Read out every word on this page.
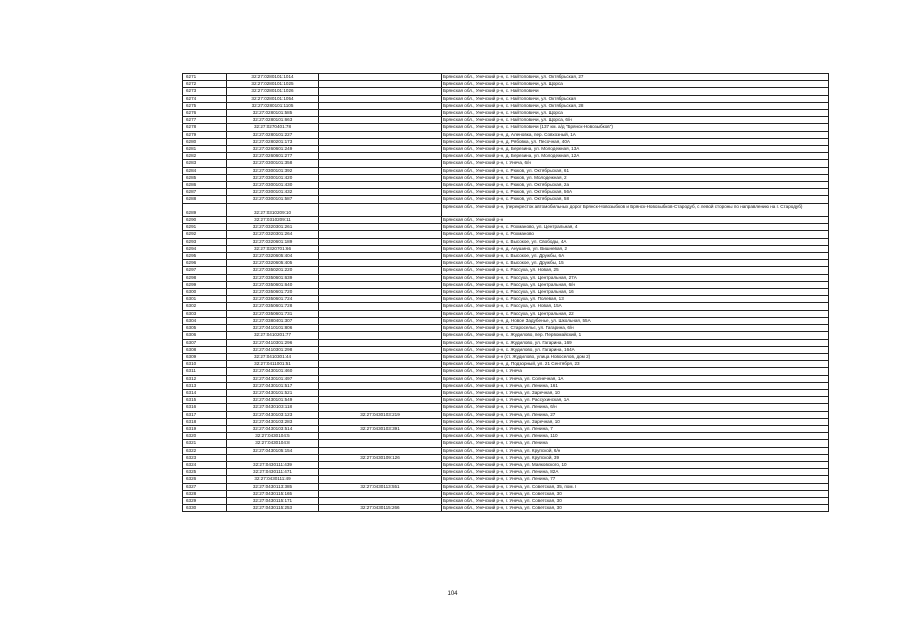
6271	32:27:0280101:1014		Брянская обл., Унечский р-н, с. Найтоповичи, ул. Октябрьская, 27
6272	32:27:0280101:1025		Брянская обл., Унечский р-н, с. Найтоповичи, ул. Щорса
6273	32:27:0280101:1026		Брянская обл., Унечский р-н, с. Найтоповичи
6274	32:27:0280101:1054		Брянская обл., Унечский р-н, с. Найтоповичи, ул. Октябрьская
6275	32:27:0280101:1105		Брянская обл., Унечский р-н, с. Найтоповичи, ул. Октябрьская, 28
6276	32:27:0280101:585		Брянская обл., Унечский р-н, с. Найтоповичи, ул. Щорса
6277	32:27:0280101:663		Брянская обл., Унечский р-н, с. Найтоповичи, ул. Щорса, 6/н
6278	32:27:0270401:78		Брянская обл., Унечский р-н, с. Найтоповичи (137 км. а/д "Брянск-Новозыбков")
6279	32:27:0280101:227		Брянская обл., Унечский р-н, д. Аленовка, пер. Совхозный, 1А
6280	32:27:0280201:173		Брянская обл., Унечский р-н, д. Рябовка, ул. Песочная, 40А
6281	32:27:0260601:249		Брянская обл., Унечский р-н, д. Березина, ул. Молодежная, 13А
6282	32:27:0260601:277		Брянская обл., Унечский р-н, д. Березина, ул. Молодежная, 12А
6283	32:27:0300101:358		Брянская обл., Унечский р-н, г. Унеча, 6/н
6284	32:27:0300101:392		Брянская обл., Унечский р-н, с. Рюков, ул. Октябрьская, 61
6285	32:27:0300101:420		Брянская обл., Унечский р-н, с. Рюков, ул. Молодежная, 2
6286	32:27:0300101:430		Брянская обл., Унечский р-н, с. Рюков, ул. Октябрьская, 2а
6287	32:27:0300101:432		Брянская обл., Унечский р-н, с. Рюков, ул. Октябрьская, 56А
6288	32:27:0300101:587		Брянская обл., Унечский р-н, с. Рюков, ул. Октябрьская, 58
6289	32:27:0310209:10		Брянская обл., Унечский р-н, (перекресток автомобильных дорог Брянск-Новозыбков и Брянск-Новозыбков-Стародуб, с левой стороны по направлению на г. Стародуб)
6290	32:27:0310209:11		Брянская обл., Унечский р-н
6291	32:27:0320301:261		Брянская обл., Унечский р-н, с. Рохманово, ул. Центральная, 4
6292	32:27:0320301:264		Брянская обл., Унечский р-н, с. Рохманово
6293	32:27:0320601:189		Брянская обл., Унечский р-н, с. Высокое, ул. Свободы, 4А
6294	32:27:0320701:66		Брянская обл., Унечский р-н, д. Анушино, ул. Вишневая, 2
6295	32:27:0320605:404		Брянская обл., Унечский р-н, с. Высокое, ул. Дружбы, 6А
6296	32:27:0320605:405		Брянская обл., Унечский р-н, с. Высокое, ул. Дружбы, 15
6297	32:27:0350201:220		Брянская обл., Унечский р-н, с. Рассуха, ул. Новая, 25
6298	32:27:0350601:639		Брянская обл., Унечский р-н, с. Рассуха, ул. Центральная, 27А
6299	32:27:0350601:640		Брянская обл., Унечский р-н, с. Рассуха, ул. Центральная, 6/н
6300	32:27:0350601:720		Брянская обл., Унечский р-н, с. Рассуха, ул. Центральная, 16
6301	32:27:0350601:724		Брянская обл., Унечский р-н, с. Рассуха, ул. Полевая, 13
6302	32:27:0350601:728		Брянская обл., Унечский р-н, с. Рассуха, ул. Новая, 15А
6303	32:27:0350601:731		Брянская обл., Унечский р-н, с. Рассуха, ул. Центральная, 22
6304	32:27:0380401:307		Брянская обл., Унечский р-н, д. Новое Задубенье, ул. Школьная, 55А
6305	32:27:0410101:806		Брянская обл., Унечский р-н, с. Старосельє, ул. Гагарина, 6/н
6306	32:27:0410201:77		Брянская обл., Унечский р-н, с. Жудилово, пер. Первомайский, 1
6307	32:27:0410301:296		Брянская обл., Унечский р-н, с. Жудилово, ул. Гагарина, 169
6308	32:27:0410301:298		Брянская обл., Унечский р-н, с. Жудилово, ул. Гагарина, 164А
6309	32:27:0410301:44		Брянская обл., Унечский р-н (ст. Жудилово, улица Новоселов, дом 2)
6310	32:27:0411001:51		Брянская обл., Унечский р-н, д. Подзорный, ул. 21 Сентября, 23
6311	32:27:0430101:460		Брянская обл., Унечский р-н, г. Унеча
6312	32:27:0430101:497		Брянская обл., Унечский р-н, г. Унеча, ул. Солнечная, 1А
6313	32:27:0430101:517		Брянская обл., Унечский р-н, г. Унеча, ул. Ленина, 161
6314	32:27:0430101:521		Брянская обл., Унечский р-н, г. Унеча, ул. Заречная, 10
6315	32:27:0430101:549		Брянская обл., Унечский р-н, г. Унеча, ул. Рассухинская, 1А
6316	32:27:0430103:118		Брянская обл., Унечский р-н, г. Унеча, ул. Ленина, 6/н
6317	32:27:0430103:123	32:27:0430103:219	Брянская обл., Унечский р-н, г. Унеча, ул. Ленина, 27
6318	32:27:0430103:283		Брянская обл., Унечский р-н, г. Унеча, ул. Заречная, 10
6319	32:27:0430103:514	32:27:0430103:391	Брянская обл., Унечский р-н, г. Унеча, ул. Ленина, 7
6320	32:27:0430104:5		Брянская обл., Унечский р-н, г. Унеча, ул. Ленина, 110
6321	32:27:0430104:8		Брянская обл., Унечский р-н, г. Унеча, ул. Ленина
6322	32:27:0430105:154		Брянская обл., Унечский р-н, г. Унеча, ул. Крупской, 6/н
6323		32:27:0430109:126	Брянская обл., Унечский р-н, г. Унеча, ул. Крупской, 39
6324	32:27:0430111:439		Брянская обл., Унечский р-н, г. Унеча, ул. Маяковского, 10
6325	32:27:0430111:471		Брянская обл., Унечский р-н, г. Унеча, ул. Ленина, 82А
6326	32:27:0430111:49		Брянская обл., Унечский р-н, г. Унеча, ул. Ленина, 77
6327	32:27:0430113:385	32:27:0430113:551	Брянская обл., Унечский р-н, г. Унеча, ул. Советская, 35, пом. I
6328	32:27:0430115:165		Брянская обл., Унечский р-н, г. Унеча, ул. Советская, 30
6329	32:27:0430115:171		Брянская обл., Унечский р-н, г. Унеча, ул. Советская, 30
6330	32:27:0430115:253	32:27:0430115:266	Брянская обл., Унечский р-н, г. Унеча, ул. Советская, 30
104
